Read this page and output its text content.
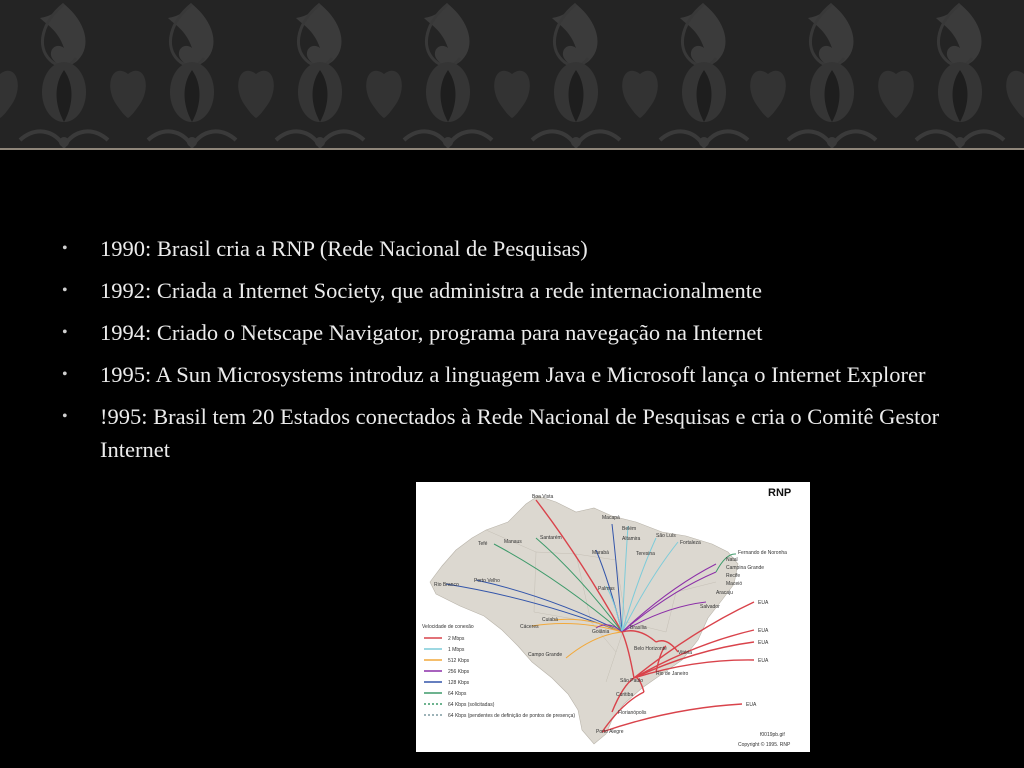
• 1990: Brasil cria a RNP (Rede Nacional de Pesquisas)
• 1992: Criada a Internet Society, que administra a rede internacionalmente
• 1994: Criado o Netscape Navigator, programa para navegação na Internet
• 1995: A Sun Microsystems introduz a linguagem Java e Microsoft lança o Internet Explorer
• !995: Brasil tem 20 Estados conectados à Rede Nacional de Pesquisas e cria o Comitê Gestor Internet
Boa Vista
Macapá
Belém
São Luís
Fortaleza
Fernando de Noronha
Natal
Campina Grande
Recife
Maceió
Aracaju
Salvador
Manaus
Santarém
Tefé
Porto Velho
Rio Branco
Marabá	Teresina
Altamira
Palmas
Cuiabá
Cáceres
Goiânia
Brasília
Campo Grande
Belo Horizonte
Vitória
Rio de Janeiro
São Paulo
Curitiba
Florianópolis
Porto Alegre
EUA
EUA
EUA
EUA
EUA
RNP
Velocidade de conexão
2 Mbps
1 Mbps
512 Kbps
256 Kbps
128 Kbps
64 Kbps
64 Kbps (solicitadas)
64 Kbps (pendentes de definição de pontos de presença)
f0019pb.gif
Copyright © 1995. RNP
